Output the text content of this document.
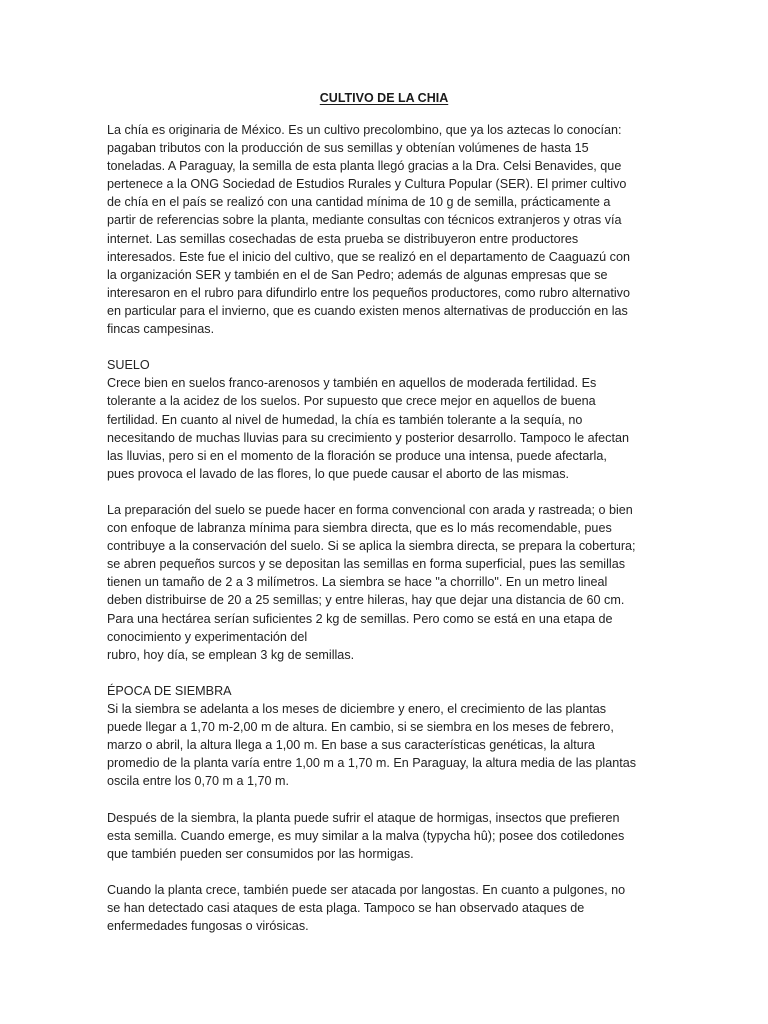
CULTIVO DE LA CHIA
La chía es originaria de México. Es un cultivo precolombino, que ya los aztecas lo conocían:
pagaban tributos con la producción de sus semillas y obtenían volúmenes de hasta 15
toneladas. A Paraguay, la semilla de esta planta llegó gracias a la Dra. Celsi Benavides, que
pertenece a la ONG Sociedad de Estudios Rurales y Cultura Popular (SER). El primer cultivo
de chía en el país se realizó con una cantidad mínima de 10 g de semilla, prácticamente a
partir de referencias sobre la planta, mediante consultas con técnicos extranjeros y otras vía
internet. Las semillas cosechadas de esta prueba se distribuyeron entre productores
interesados. Este fue el inicio del cultivo, que se realizó en el departamento de Caaguazú con
la organización SER y también en el de San Pedro; además de algunas empresas que se
interesaron en el rubro para difundirlo entre los pequeños productores, como rubro alternativo
en particular para el invierno, que es cuando existen menos alternativas de producción en las
fincas campesinas.
SUELO
Crece bien en suelos franco-arenosos y también en aquellos de moderada fertilidad. Es
tolerante a la acidez de los suelos. Por supuesto que crece mejor en aquellos de buena
fertilidad. En cuanto al nivel de humedad, la chía es también tolerante a la sequía, no
necesitando de muchas lluvias para su crecimiento y posterior desarrollo. Tampoco le afectan
las lluvias, pero si en el momento de la floración se produce una intensa, puede afectarla,
pues provoca el lavado de las flores, lo que puede causar el aborto de las mismas.
La preparación del suelo se puede hacer en forma convencional con arada y rastreada; o bien
con enfoque de labranza mínima para siembra directa, que es lo más recomendable, pues
contribuye a la conservación del suelo. Si se aplica la siembra directa, se prepara la cobertura;
se abren pequeños surcos y se depositan las semillas en forma superficial, pues las semillas
tienen un tamaño de 2 a 3 milímetros. La siembra se hace "a chorrillo". En un metro lineal
deben distribuirse de 20 a 25 semillas; y entre hileras, hay que dejar una distancia de 60 cm.
Para una hectárea serían suficientes 2 kg de semillas. Pero como se está en una etapa de
conocimiento y experimentación del
rubro, hoy día, se emplean 3 kg de semillas.
ÉPOCA DE SIEMBRA
Si la siembra se adelanta a los meses de diciembre y enero, el crecimiento de las plantas
puede llegar a 1,70 m-2,00 m de altura. En cambio, si se siembra en los meses de febrero,
marzo o abril, la altura llega a 1,00 m. En base a sus características genéticas, la altura
promedio de la planta varía entre 1,00 m a 1,70 m. En Paraguay, la altura media de las plantas
oscila entre los 0,70 m a 1,70 m.
Después de la siembra, la planta puede sufrir el ataque de hormigas, insectos que prefieren
esta semilla. Cuando emerge, es muy similar a la malva (typycha hû); posee dos cotiledones
que también pueden ser consumidos por las hormigas.
Cuando la planta crece, también puede ser atacada por langostas. En cuanto a pulgones, no
se han detectado casi ataques de esta plaga. Tampoco se han observado ataques de
enfermedades fungosas o virósicas.
